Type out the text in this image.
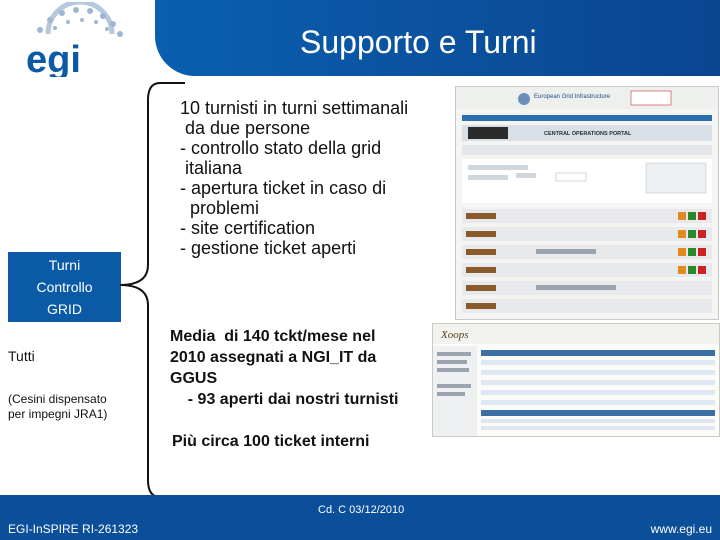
egi	Supporto e Turni
Turni
Controllo
GRID
Tutti
(Cesini dispensato
per impegni JRA1)
10 turnisti in turni settimanali
da due persone
- controllo stato della grid
italiana
- apertura ticket in caso di
problemi
- site certification
- gestione ticket aperti
Media  di 140 tckt/mese nel
2010 assegnati a NGI_IT da
GGUS
- 93 aperti dai nostri turnisti
Più circa 100 ticket interni
European Grid Infrastructure
CENTRAL OPERATIONS PORTAL
Xoops
Cd. C 03/12/2010
EGI-InSPIRE RI-261323	www.egi.eu
